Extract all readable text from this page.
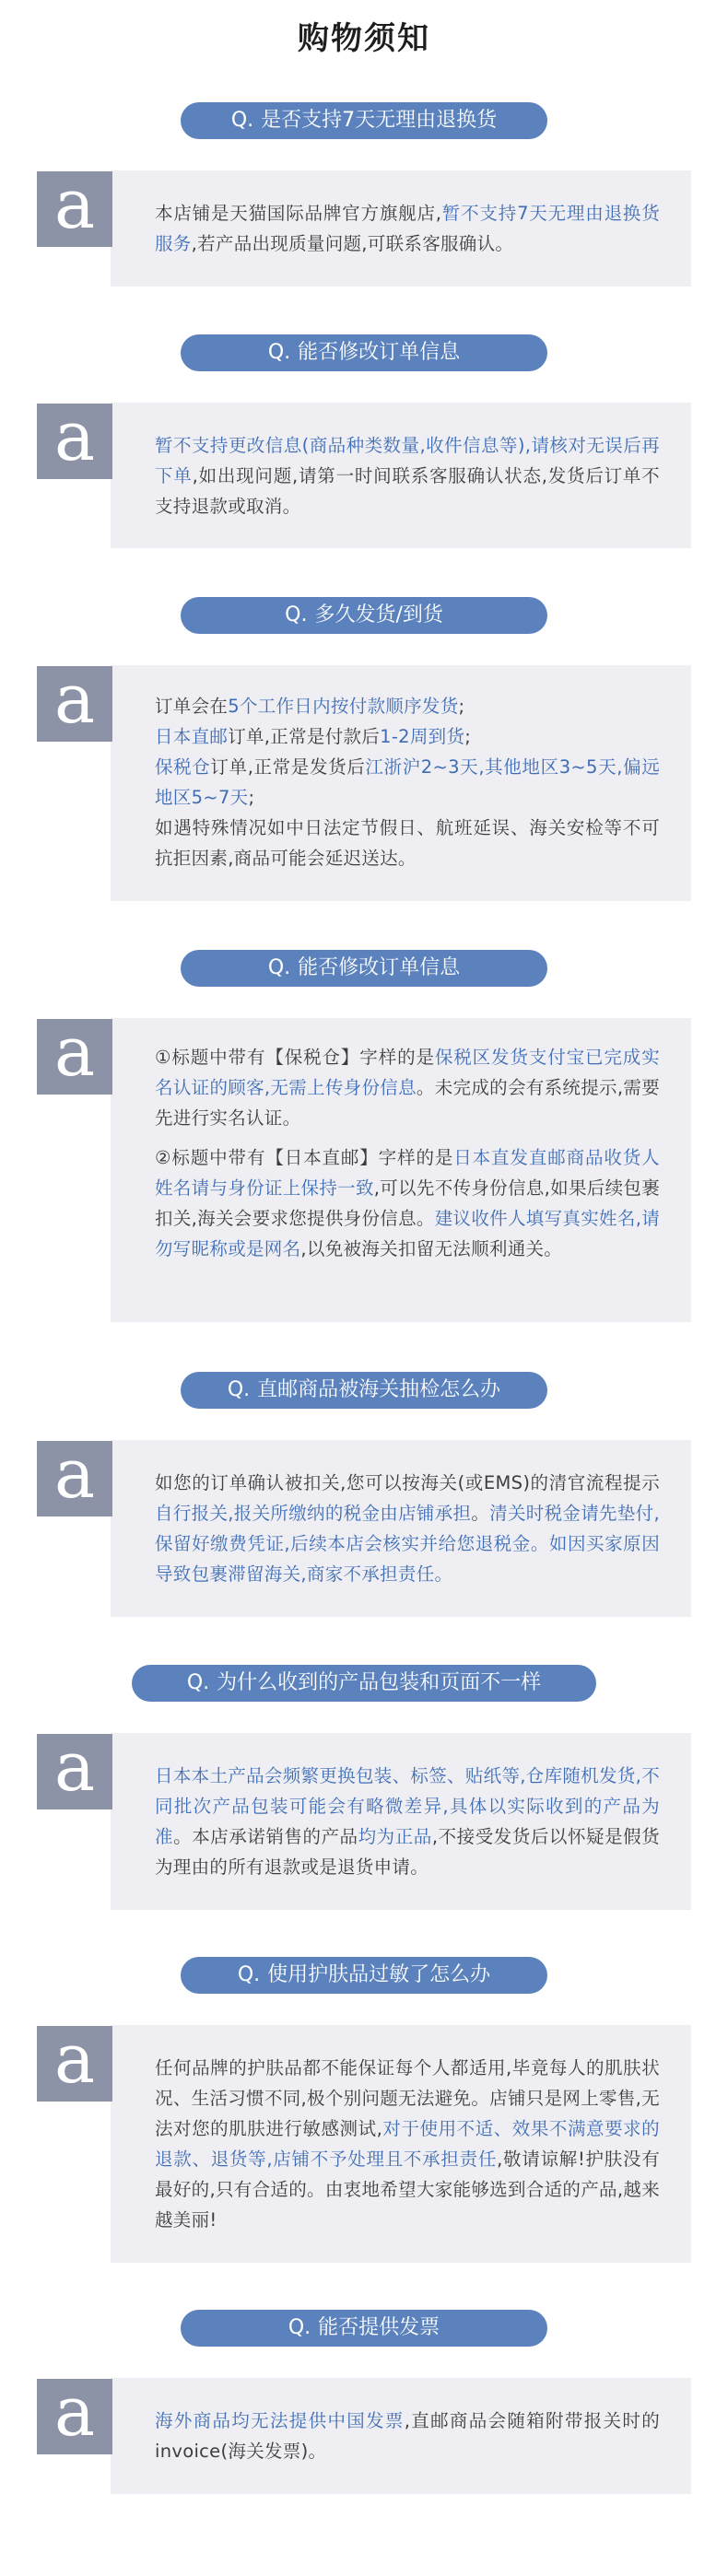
购物须知
Q. 是否支持7天无理由退换货

本店铺是天猫国际品牌官方旗舰店,暂不支持7天无理由退换货服务,若产品出现质量问题,可联系客服确认。

a
Q. 能否修改订单信息

暂不支持更改信息(商品种类数量,收件信息等),请核对无误后再下单,如出现问题,请第一时间联系客服确认状态,发货后订单不支持退款或取消。

a
Q. 多久发货/到货

订单会在5个工作日内按付款顺序发货;

日本直邮订单,正常是付款后1-2周到货;

保税仓订单,正常是发货后江浙沪2~3天,其他地区3~5天,偏远地区5~7天;

如遇特殊情况如中日法定节假日、航班延误、海关安检等不可抗拒因素,商品可能会延迟送达。

a
Q. 能否修改订单信息

①标题中带有【保税仓】字样的是保税区发货支付宝已完成实名认证的顾客,无需上传身份信息。未完成的会有系统提示,需要先进行实名认证。

②标题中带有【日本直邮】字样的是日本直发直邮商品收货人姓名请与身份证上保持一致,可以先不传身份信息,如果后续包裹扣关,海关会要求您提供身份信息。建议收件人填写真实姓名,请勿写昵称或是网名,以免被海关扣留无法顺利通关。

a
Q. 直邮商品被海关抽检怎么办

如您的订单确认被扣关,您可以按海关(或EMS)的清官流程提示自行报关,报关所缴纳的税金由店铺承担。清关时税金请先垫付,保留好缴费凭证,后续本店会核实并给您退税金。如因买家原因导致包裹滞留海关,商家不承担责任。

a
Q. 为什么收到的产品包装和页面不一样

日本本土产品会频繁更换包装、标签、贴纸等,仓库随机发货,不同批次产品包装可能会有略微差异,具体以实际收到的产品为准。本店承诺销售的产品均为正品,不接受发货后以怀疑是假货为理由的所有退款或是退货申请。

a
Q. 使用护肤品过敏了怎么办

任何品牌的护肤品都不能保证每个人都适用,毕竟每人的肌肤状况、生活习惯不同,极个别问题无法避免。店铺只是网上零售,无法对您的肌肤进行敏感测试,对于使用不适、效果不满意要求的退款、退货等,店铺不予处理且不承担责任,敬请谅解!护肤没有最好的,只有合适的。由衷地希望大家能够选到合适的产品,越来越美丽!

a
Q. 能否提供发票

海外商品均无法提供中国发票,直邮商品会随箱附带报关时的invoice(海关发票)。

a
